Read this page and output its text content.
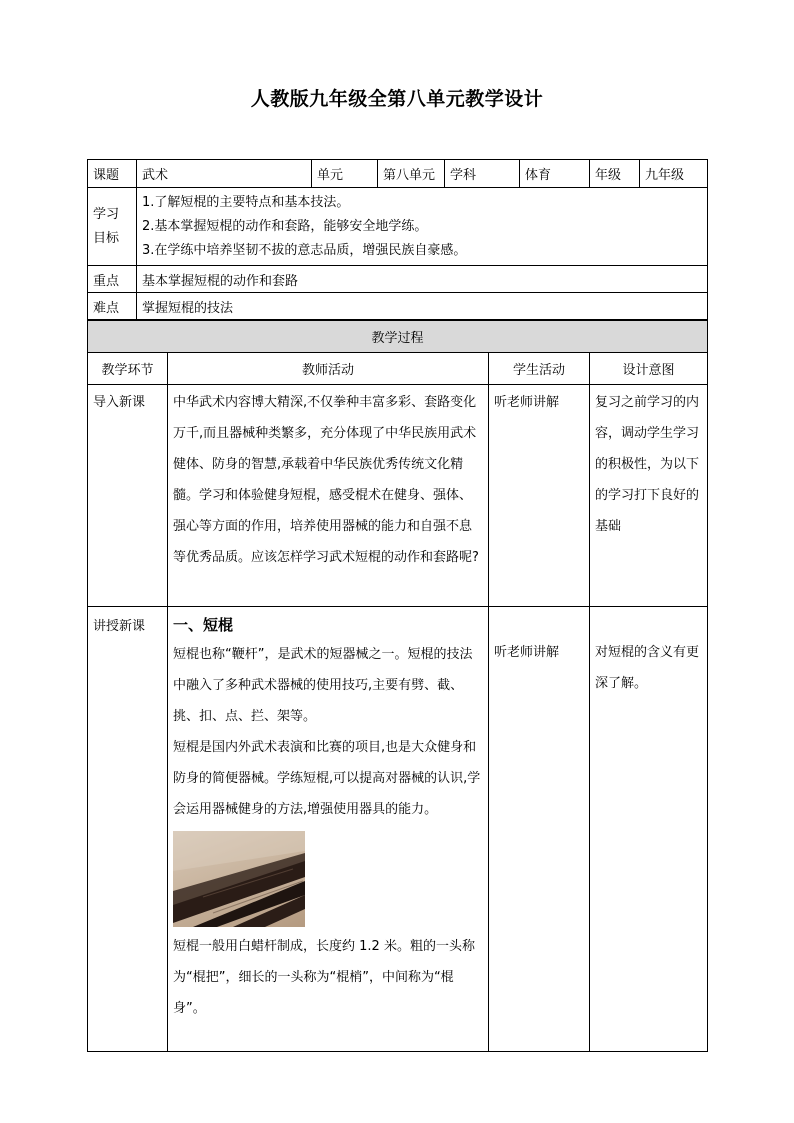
人教版九年级全第八单元教学设计
课题	武术	单元	第八单元	学科	体育	年级	九年级
学习目标	1.了解短棍的主要特点和基本技法。
2.基本掌握短棍的动作和套路，能够安全地学练。
3.在学练中培养坚韧不拔的意志品质，增强民族自豪感。						

重点	基本掌握短棍的动作和套路						
难点	掌握短棍的技法						
教学过程			
教学环节	教师活动	学生活动	设计意图
导入新课	中华武术内容博大精深,不仅拳种丰富多彩、套路变化万千,而且器械种类繁多，充分体现了中华民族用武术健体、防身的智慧,承载着中华民族优秀传统文化精髓。学习和体验健身短棍，感受棍术在健身、强体、强心等方面的作用，培养使用器械的能力和自强不息等优秀品质。应该怎样学习武术短棍的动作和套路呢?	听老师讲解	复习之前学习的内容，调动学生学习的积极性，为以下的学习打下良好的基础
讲授新课	一、短棍

短棍也称“鞭杆”，是武术的短器械之一。短棍的技法中融入了多种武术器械的使用技巧,主要有劈、截、挑、扣、点、拦、架等。

短棍是国内外武术表演和比赛的项目,也是大众健身和防身的简便器械。学练短棍,可以提高对器械的认识,学会运用器械健身的方法,增强使用器具的能力。

短棍一般用白蜡杆制成，长度约 1.2 米。粗的一头称为“棍把”，细长的一头称为“棍梢”，中间称为“棍身”。	听老师讲解	对短棍的含义有更深了解。
